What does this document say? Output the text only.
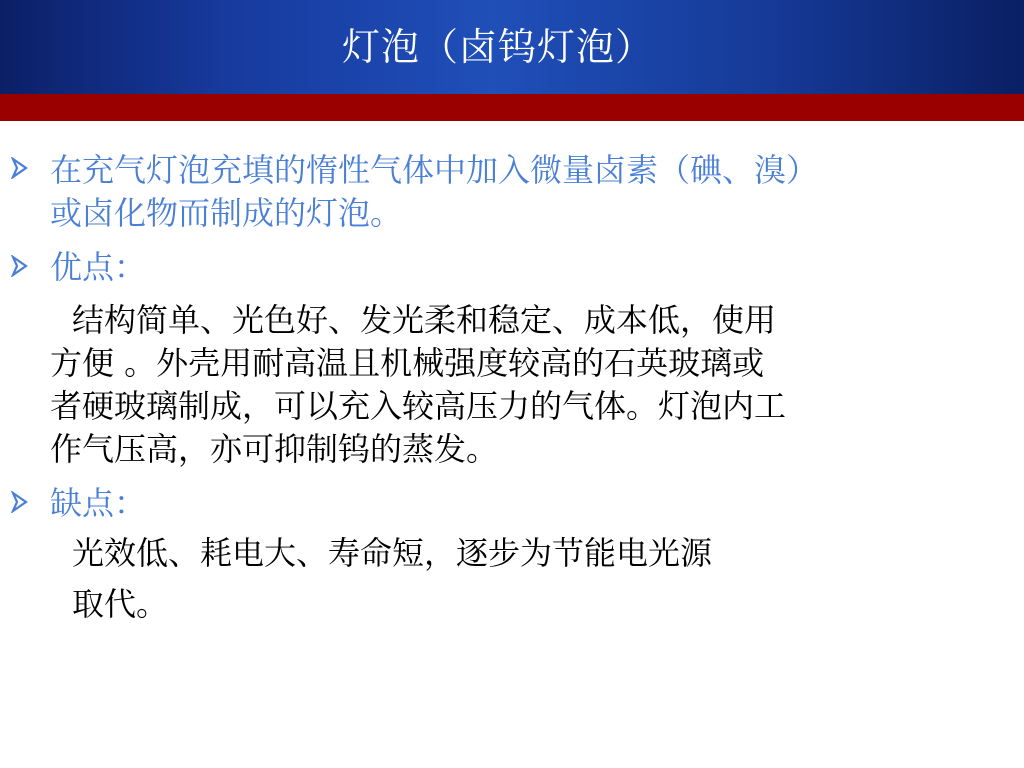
灯泡（卤钨灯泡）
在充气灯泡充填的惰性气体中加入微量卤素（碘、溴）
或卤化物而制成的灯泡。
优点：
结构简单、光色好、发光柔和稳定、成本低，使用
方便 。外壳用耐高温且机械强度较高的石英玻璃或
者硬玻璃制成，可以充入较高压力的气体。灯泡内工
作气压高，亦可抑制钨的蒸发。
缺点：
光效低、耗电大、寿命短，逐步为节能电光源
取代。
